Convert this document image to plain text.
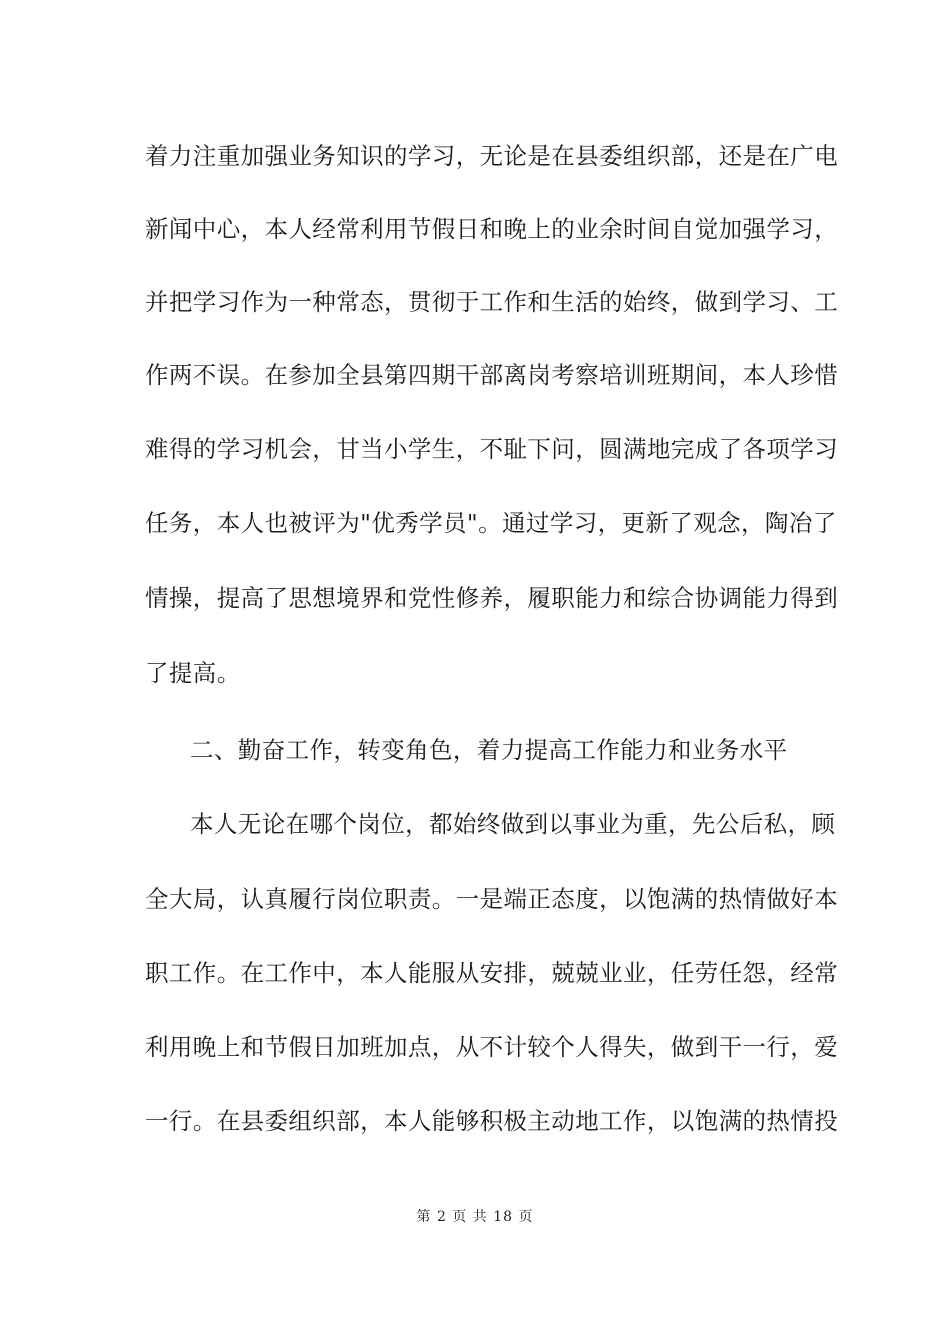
着力注重加强业务知识的学习，无论是在县委组织部，还是在广电
新闻中心，本人经常利用节假日和晚上的业余时间自觉加强学习，
并把学习作为一种常态，贯彻于工作和生活的始终，做到学习、工
作两不误。在参加全县第四期干部离岗考察培训班期间，本人珍惜
难得的学习机会，甘当小学生，不耻下问，圆满地完成了各项学习
任务，本人也被评为"优秀学员"。通过学习，更新了观念，陶冶了
情操，提高了思想境界和党性修养，履职能力和综合协调能力得到
了提高。
二、勤奋工作，转变角色，着力提高工作能力和业务水平
本人无论在哪个岗位，都始终做到以事业为重，先公后私，顾
全大局，认真履行岗位职责。一是端正态度，以饱满的热情做好本
职工作。在工作中，本人能服从安排，兢兢业业，任劳任怨，经常
利用晚上和节假日加班加点，从不计较个人得失，做到干一行，爱
一行。在县委组织部，本人能够积极主动地工作，以饱满的热情投
第 2 页 共 18 页
